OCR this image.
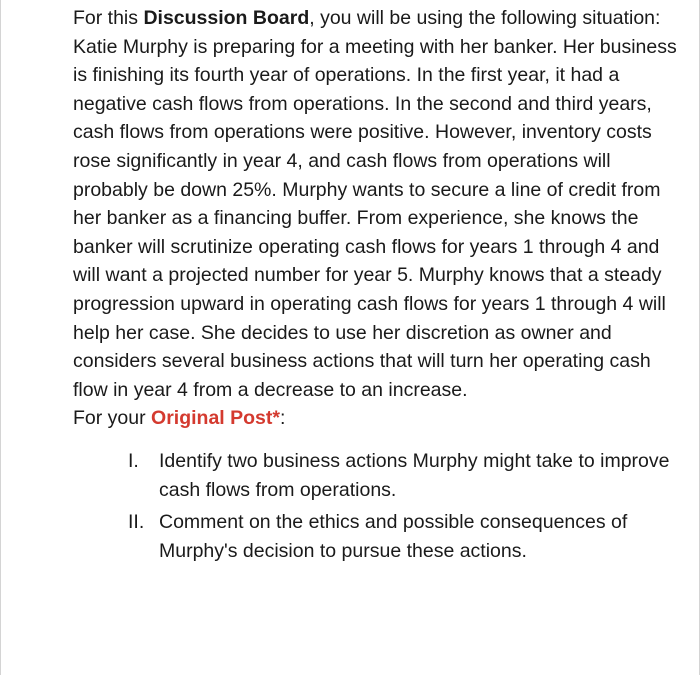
For this Discussion Board, you will be using the following situation:

Katie Murphy is preparing for a meeting with her banker. Her business is finishing its fourth year of operations. In the first year, it had a negative cash flows from operations. In the second and third years, cash flows from operations were positive. However, inventory costs rose significantly in year 4, and cash flows from operations will probably be down 25%. Murphy wants to secure a line of credit from her banker as a financing buffer. From experience, she knows the banker will scrutinize operating cash flows for years 1 through 4 and will want a projected number for year 5. Murphy knows that a steady progression upward in operating cash flows for years 1 through 4 will help her case. She decides to use her discretion as owner and considers several business actions that will turn her operating cash flow in year 4 from a decrease to an increase.

For your Original Post*:

I.	Identify two business actions Murphy might take to improve cash flows from operations.
II. Comment on the ethics and possible consequences of Murphy's decision to pursue these actions.
